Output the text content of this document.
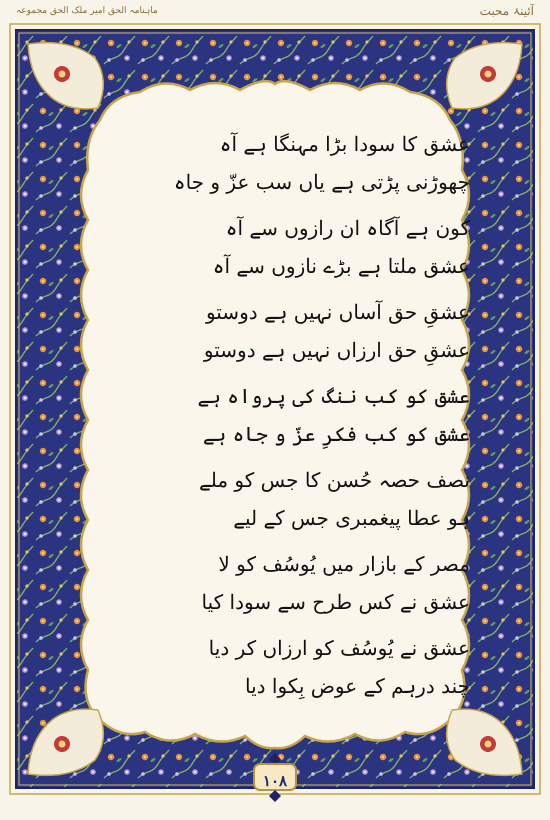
ماہنامہ الحق امیر ملک الحق مجموعہ	آئینۂ محبت
عشق کا سودا بڑا مہنگا ہے آہ
چھوڑنی پڑتی ہے یاں سب عزّ و جاہ
کون ہے آگاہ ان رازوں سے آہ
عشق ملتا ہے بڑے نازوں سے آہ
عشقِ حق آساں نہیں ہے دوستو
عشقِ حق ارزاں نہیں ہے دوستو
عشق کو کب ننگ کی پرواہ ہے
عشق کو کب فکرِ عزّ و جاہ ہے
نصف حصہ حُسن کا جس کو ملے
ہو عطا پیغمبری جس کے لیے
مصر کے بازار میں یُوسُف کو لا
عشق نے کس طرح سے سودا کیا
عشق نے یُوسُف کو ارزاں کر دیا
چند درہم کے عوض بِکوا دیا
۱۰۸
